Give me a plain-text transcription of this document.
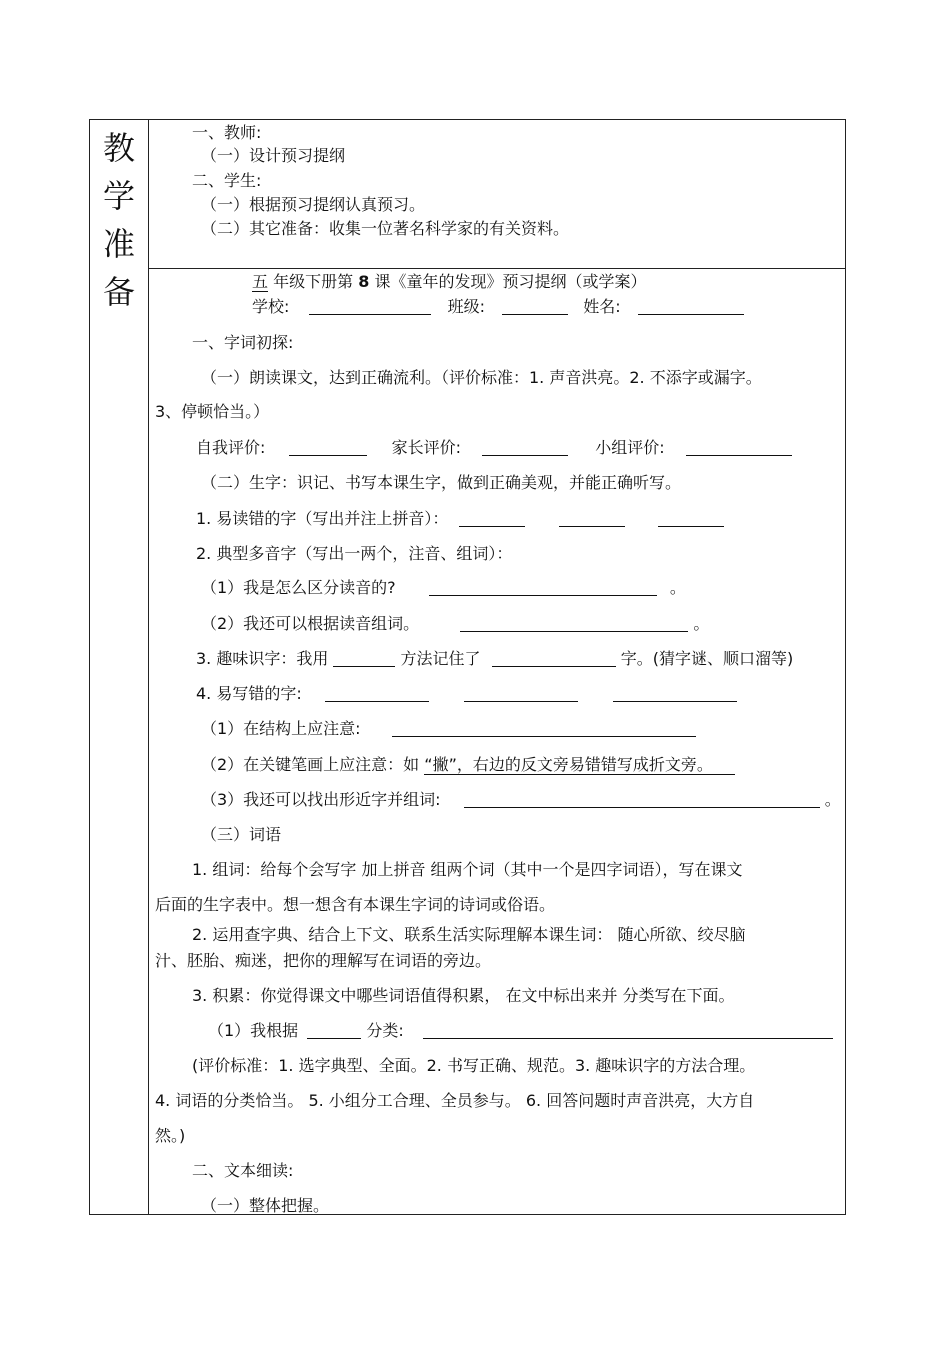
教
学
准
备
一、教师:
（一）设计预习提纲
二、学生:
（一）根据预习提纲认真预习。
（二）其它准备：收集一位著名科学家的有关资料。
五 年级下册第 8 课《童年的发现》预习提纲（或学案）
学校:	班级:	姓名:
一、字词初探:
（一）朗读课文，达到正确流利。（评价标准：1. 声音洪亮。2. 不添字或漏字。
3、停顿恰当。）
自我评价:	家长评价:	小组评价:
（二）生字：识记、书写本课生字，做到正确美观，并能正确听写。
1. 易读错的字（写出并注上拼音）：
2. 典型多音字（写出一两个，注音、组词）：
（1）我是怎么区分读音的?	。
（2）我还可以根据读音组词。	。
3. 趣味识字：我用	方法记住了	字。(猜字谜、顺口溜等)
4. 易写错的字:
（1）在结构上应注意:
（2）在关键笔画上应注意：如 “撇”，右边的反文旁易错错写成折文旁。
（3）我还可以找出形近字并组词:	。
（三）词语
1. 组词：给每个会写字 加上拼音 组两个词（其中一个是四字词语），写在课文
后面的生字表中。想一想含有本课生字词的诗词或俗语。
2. 运用查字典、结合上下文、联系生活实际理解本课生词： 随心所欲、绞尽脑
汁、胚胎、痴迷，把你的理解写在词语的旁边。
3. 积累：你觉得课文中哪些词语值得积累， 在文中标出来并 分类写在下面。
（1）我根据	分类:
(评价标准：1. 选字典型、全面。2. 书写正确、规范。3. 趣味识字的方法合理。
4. 词语的分类恰当。 5. 小组分工合理、全员参与。 6. 回答问题时声音洪亮，大方自
然。)
二、文本细读:
（一）整体把握。
